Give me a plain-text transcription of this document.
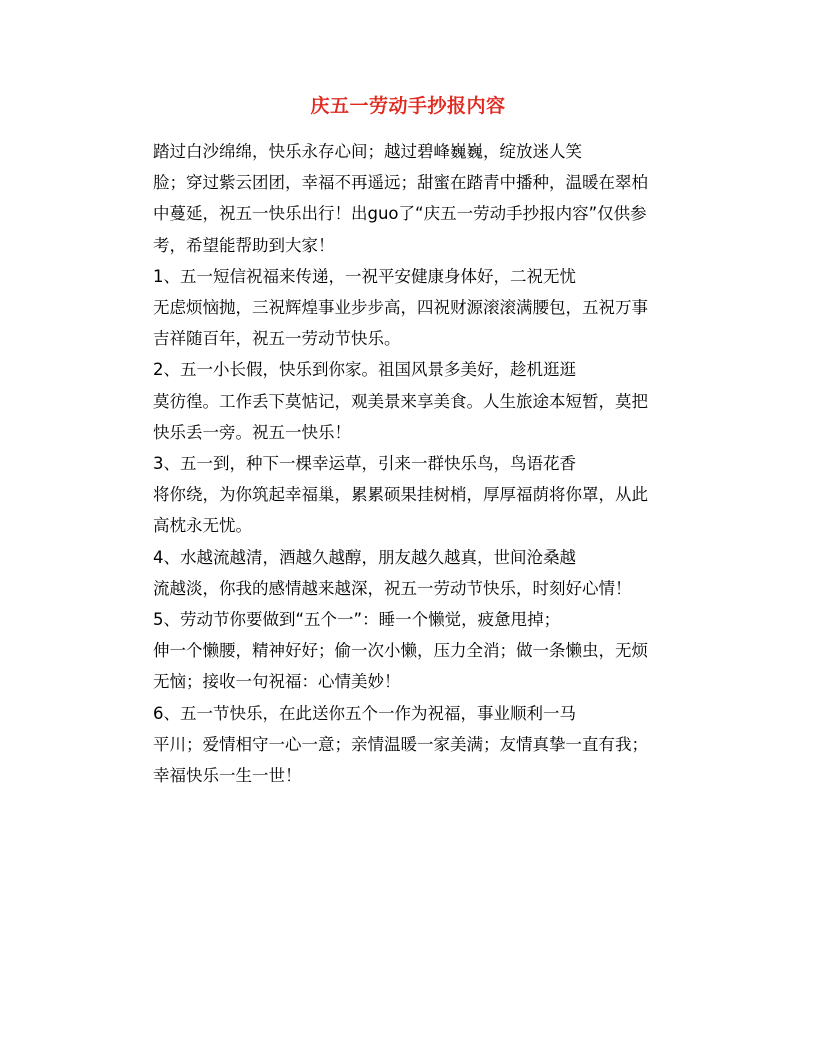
庆五一劳动手抄报内容

踏过白沙绵绵，快乐永存心间；越过碧峰巍巍，绽放迷人笑
脸；穿过紫云团团，幸福不再遥远；甜蜜在踏青中播种，温暖在翠柏
中蔓延，祝五一快乐出行！出guo了“庆五一劳动手抄报内容”仅供参
考，希望能帮助到大家！

1、五一短信祝福来传递，一祝平安健康身体好，二祝无忧
无虑烦恼抛，三祝辉煌事业步步高，四祝财源滚滚满腰包，五祝万事
吉祥随百年，祝五一劳动节快乐。

2、五一小长假，快乐到你家。祖国风景多美好，趁机逛逛
莫彷徨。工作丢下莫惦记，观美景来享美食。人生旅途本短暂，莫把
快乐丢一旁。祝五一快乐！

3、五一到，种下一棵幸运草，引来一群快乐鸟，鸟语花香
将你绕，为你筑起幸福巢，累累硕果挂树梢，厚厚福荫将你罩，从此
高枕永无忧。

4、水越流越清，酒越久越醇，朋友越久越真，世间沧桑越
流越淡，你我的感情越来越深，祝五一劳动节快乐，时刻好心情！

5、劳动节你要做到“五个一”：睡一个懒觉，疲惫甩掉；
伸一个懒腰，精神好好；偷一次小懒，压力全消；做一条懒虫，无烦
无恼；接收一句祝福：心情美妙！

6、五一节快乐，在此送你五个一作为祝福，事业顺利一马
平川；爱情相守一心一意；亲情温暖一家美满；友情真挚一直有我；
幸福快乐一生一世！
